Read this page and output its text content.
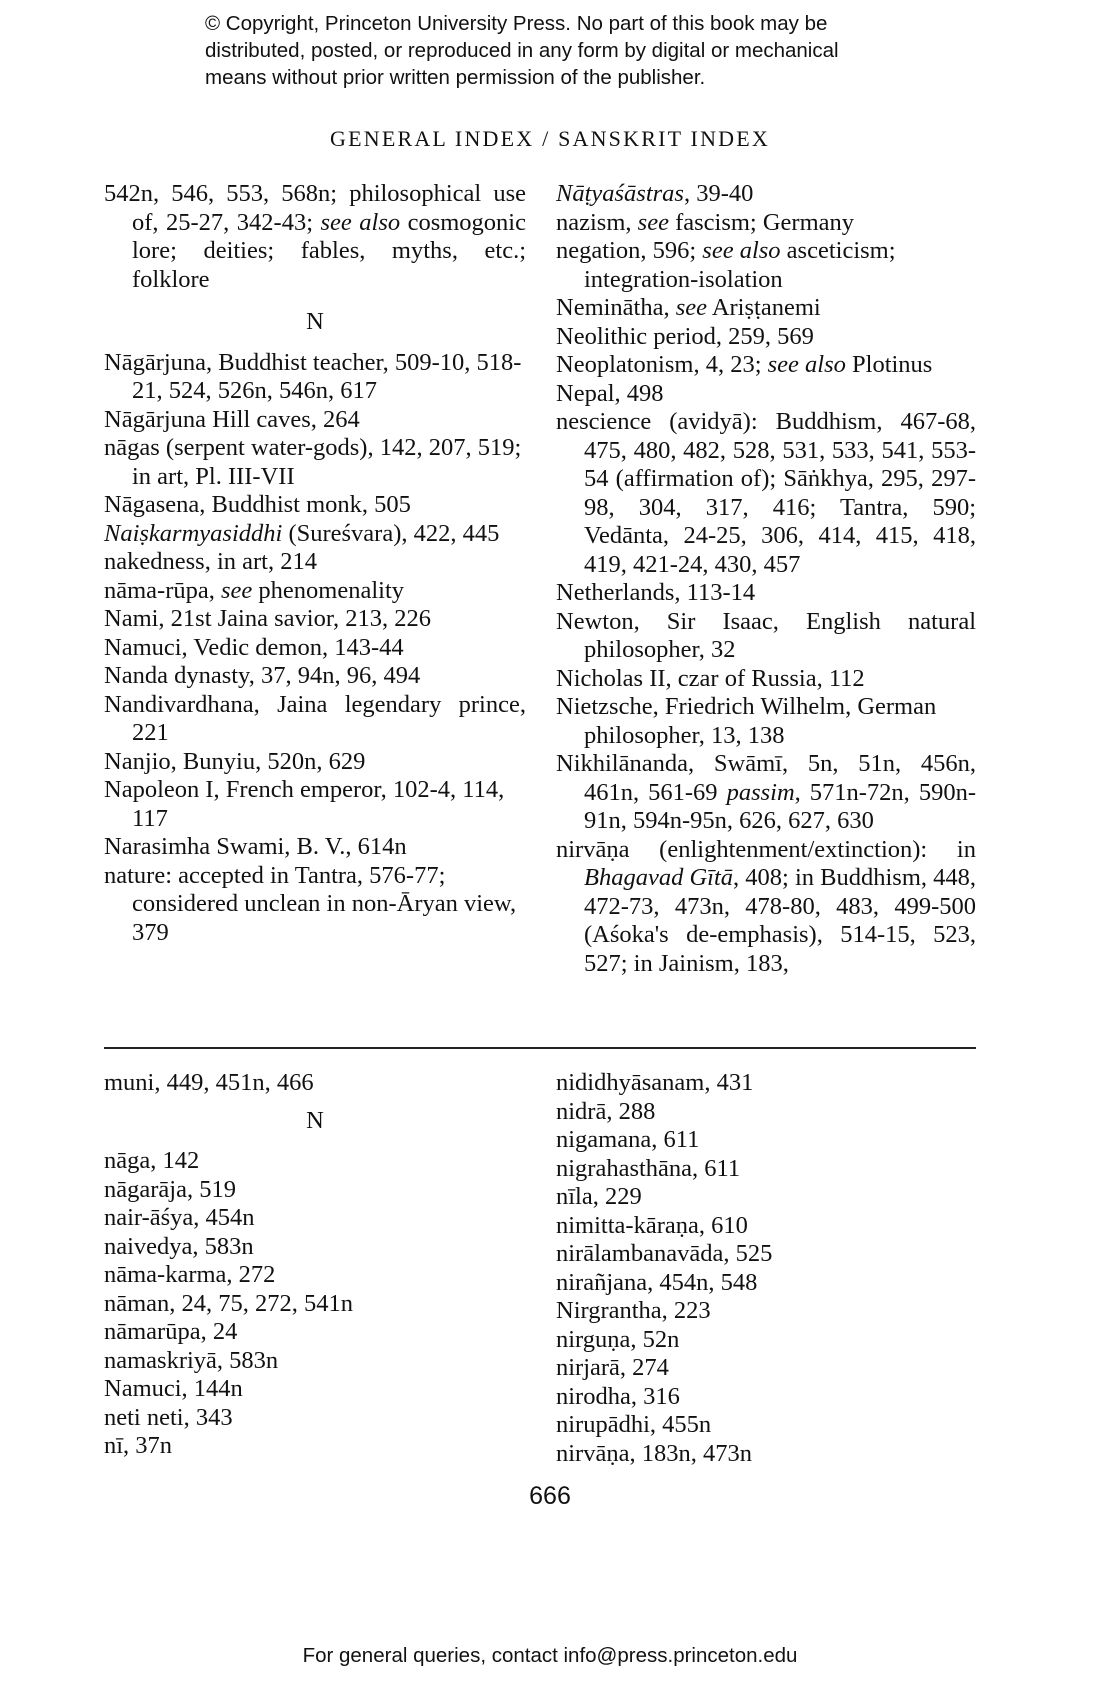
© Copyright, Princeton University Press. No part of this book may be
distributed, posted, or reproduced in any form by digital or mechanical
means without prior written permission of the publisher.
GENERAL INDEX / SANSKRIT INDEX
542n, 546, 553, 568n; philosophical use of, 25-27, 342-43; see also cosmogonic lore; deities; fables, myths, etc.; folklore
N
Nāgārjuna, Buddhist teacher, 509-10, 518-21, 524, 526n, 546n, 617
Nāgārjuna Hill caves, 264
nāgas (serpent water-gods), 142, 207, 519; in art, Pl. III-VII
Nāgasena, Buddhist monk, 505
Naiṣkarmyasiddhi (Sureśvara), 422, 445
nakedness, in art, 214
nāma-rūpa, see phenomenality
Nami, 21st Jaina savior, 213, 226
Namuci, Vedic demon, 143-44
Nanda dynasty, 37, 94n, 96, 494
Nandivardhana, Jaina legendary prince, 221
Nanjio, Bunyiu, 520n, 629
Napoleon I, French emperor, 102-4, 114, 117
Narasimha Swami, B. V., 614n
nature: accepted in Tantra, 576-77; considered unclean in non-Āryan view, 379
Nāṭyaśāstras, 39-40
nazism, see fascism; Germany
negation, 596; see also asceticism; integration-isolation
Neminātha, see Ariṣṭanemi
Neolithic period, 259, 569
Neoplatonism, 4, 23; see also Plotinus
Nepal, 498
nescience (avidyā): Buddhism, 467-68, 475, 480, 482, 528, 531, 533, 541, 553-54 (affirmation of); Sāṅkhya, 295, 297-98, 304, 317, 416; Tantra, 590; Vedānta, 24-25, 306, 414, 415, 418, 419, 421-24, 430, 457
Netherlands, 113-14
Newton, Sir Isaac, English natural philosopher, 32
Nicholas II, czar of Russia, 112
Nietzsche, Friedrich Wilhelm, German philosopher, 13, 138
Nikhilānanda, Swāmī, 5n, 51n, 456n, 461n, 561-69 passim, 571n-72n, 590n-91n, 594n-95n, 626, 627, 630
nirvāṇa (enlightenment/extinction): in Bhagavad Gītā, 408; in Buddhism, 448, 472-73, 473n, 478-80, 483, 499-500 (Aśoka's de-emphasis), 514-15, 523, 527; in Jainism, 183,
muni, 449, 451n, 466
N
nāga, 142
nāgarāja, 519
nair-āśya, 454n
naivedya, 583n
nāma-karma, 272
nāman, 24, 75, 272, 541n
nāmarūpa, 24
namaskriyā, 583n
Namuci, 144n
neti neti, 343
nī, 37n
nididhyāsanam, 431
nidrā, 288
nigamana, 611
nigrahasthāna, 611
nīla, 229
nimitta-kāraṇa, 610
nirālambanavāda, 525
nirañjana, 454n, 548
Nirgrantha, 223
nirguṇa, 52n
nirjarā, 274
nirodha, 316
nirupādhi, 455n
nirvāṇa, 183n, 473n
666
For general queries, contact info@press.princeton.edu
